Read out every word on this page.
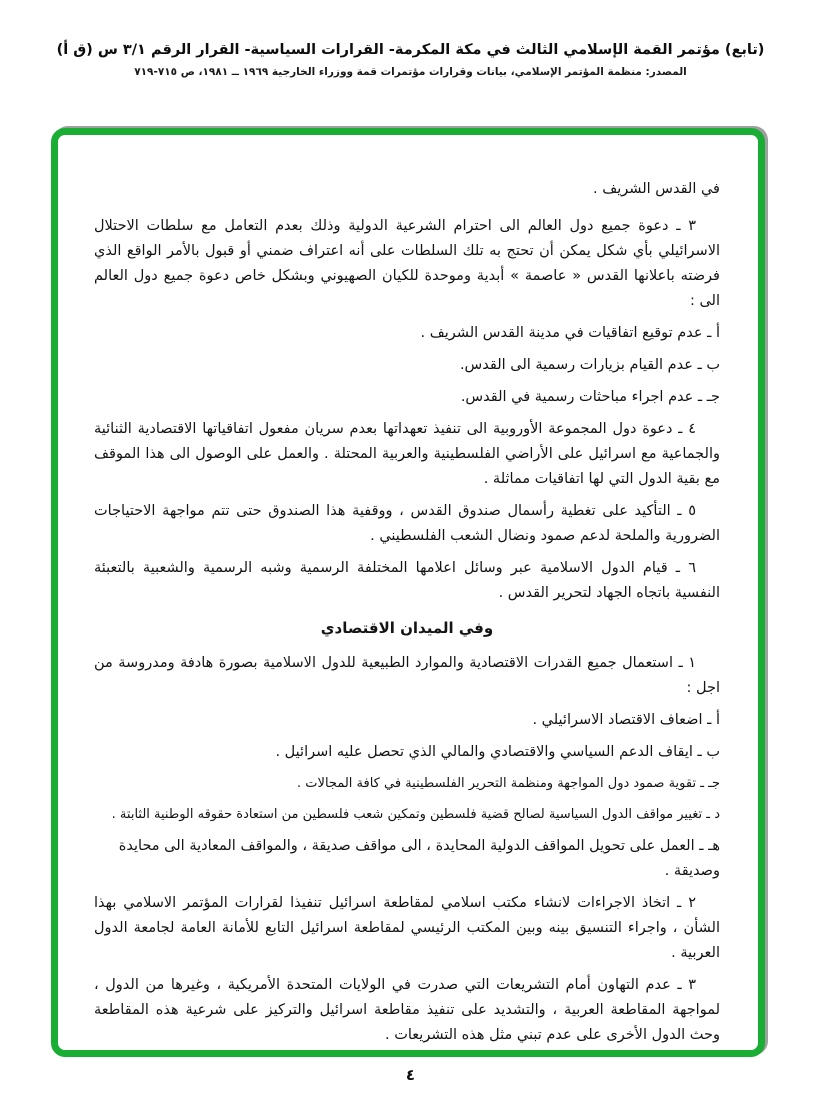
(تابع) مؤتمر القمة الإسلامي الثالث في مكة المكرمة- القرارات السياسية- القرار الرقم ٣/١ س (ق أ)
المصدر: منظمة المؤتمر الإسلامي، بيانات وقرارات مؤتمرات قمة ووزراء الخارجية ١٩٦٩ ــ ١٩٨١، ص ٧١٥-٧١٩

في القدس الشريف .

٣ ـ دعوة جميع دول العالم الى احترام الشرعية الدولية وذلك بعدم التعامل مع سلطات الاحتلال الاسرائيلي بأي شكل يمكن أن تحتج به تلك السلطات على أنه اعتراف ضمني أو قبول بالأمر الواقع الذي فرضته باعلانها القدس « عاصمة » أبدية وموحدة للكيان الصهيوني وبشكل خاص دعوة جميع دول العالم الى :

أ ـ عدم توقيع اتفاقيات في مدينة القدس الشريف .

ب ـ عدم القيام بزيارات رسمية الى القدس.

جـ ـ عدم اجراء مباحثات رسمية في القدس.

٤ ـ دعوة دول المجموعة الأوروبية الى تنفيذ تعهداتها بعدم سريان مفعول اتفاقياتها الاقتصادية الثنائية والجماعية مع اسرائيل على الأراضي الفلسطينية والعربية المحتلة . والعمل على الوصول الى هذا الموقف مع بقية الدول التي لها اتفاقيات مماثلة .

٥ ـ التأكيد على تغطية رأسمال صندوق القدس ، ووقفية هذا الصندوق حتى تتم مواجهة الاحتياجات الضرورية والملحة لدعم صمود ونضال الشعب الفلسطيني .

٦ ـ قيام الدول الاسلامية عبر وسائل اعلامها المختلفة الرسمية وشبه الرسمية والشعبية بالتعبئة النفسية باتجاه الجهاد لتحرير القدس .

وفي الميدان الاقتصادي

١ ـ استعمال جميع القدرات الاقتصادية والموارد الطبيعية للدول الاسلامية بصورة هادفة ومدروسة من اجل :

أ ـ اضعاف الاقتصاد الاسرائيلي .

ب ـ ايقاف الدعم السياسي والاقتصادي والمالي الذي تحصل عليه اسرائيل .

جـ ـ تقوية صمود دول المواجهة ومنظمة التحرير الفلسطينية في كافة المجالات .

د ـ تغيير مواقف الدول السياسية لصالح قضية فلسطين وتمكين شعب فلسطين من استعادة حقوقه الوطنية الثابتة .

هـ ـ العمل على تحويل المواقف الدولية المحايدة ، الى مواقف صديقة ، والمواقف المعادية الى محايدة وصديقة .

٢ ـ اتخاذ الاجراءات لانشاء مكتب اسلامي لمقاطعة اسرائيل تنفيذا لقرارات المؤتمر الاسلامي بهذا الشأن ، واجراء التنسيق بينه وبين المكتب الرئيسي لمقاطعة اسرائيل التابع للأمانة العامة لجامعة الدول العربية .

٣ ـ عدم التهاون أمام التشريعات التي صدرت في الولايات المتحدة الأمريكية ، وغيرها من الدول ، لمواجهة المقاطعة العربية ، والتشديد على تنفيذ مقاطعة اسرائيل والتركيز على شرعية هذه المقاطعة وحث الدول الأخرى على عدم تبني مثل هذه التشريعات .

٤
